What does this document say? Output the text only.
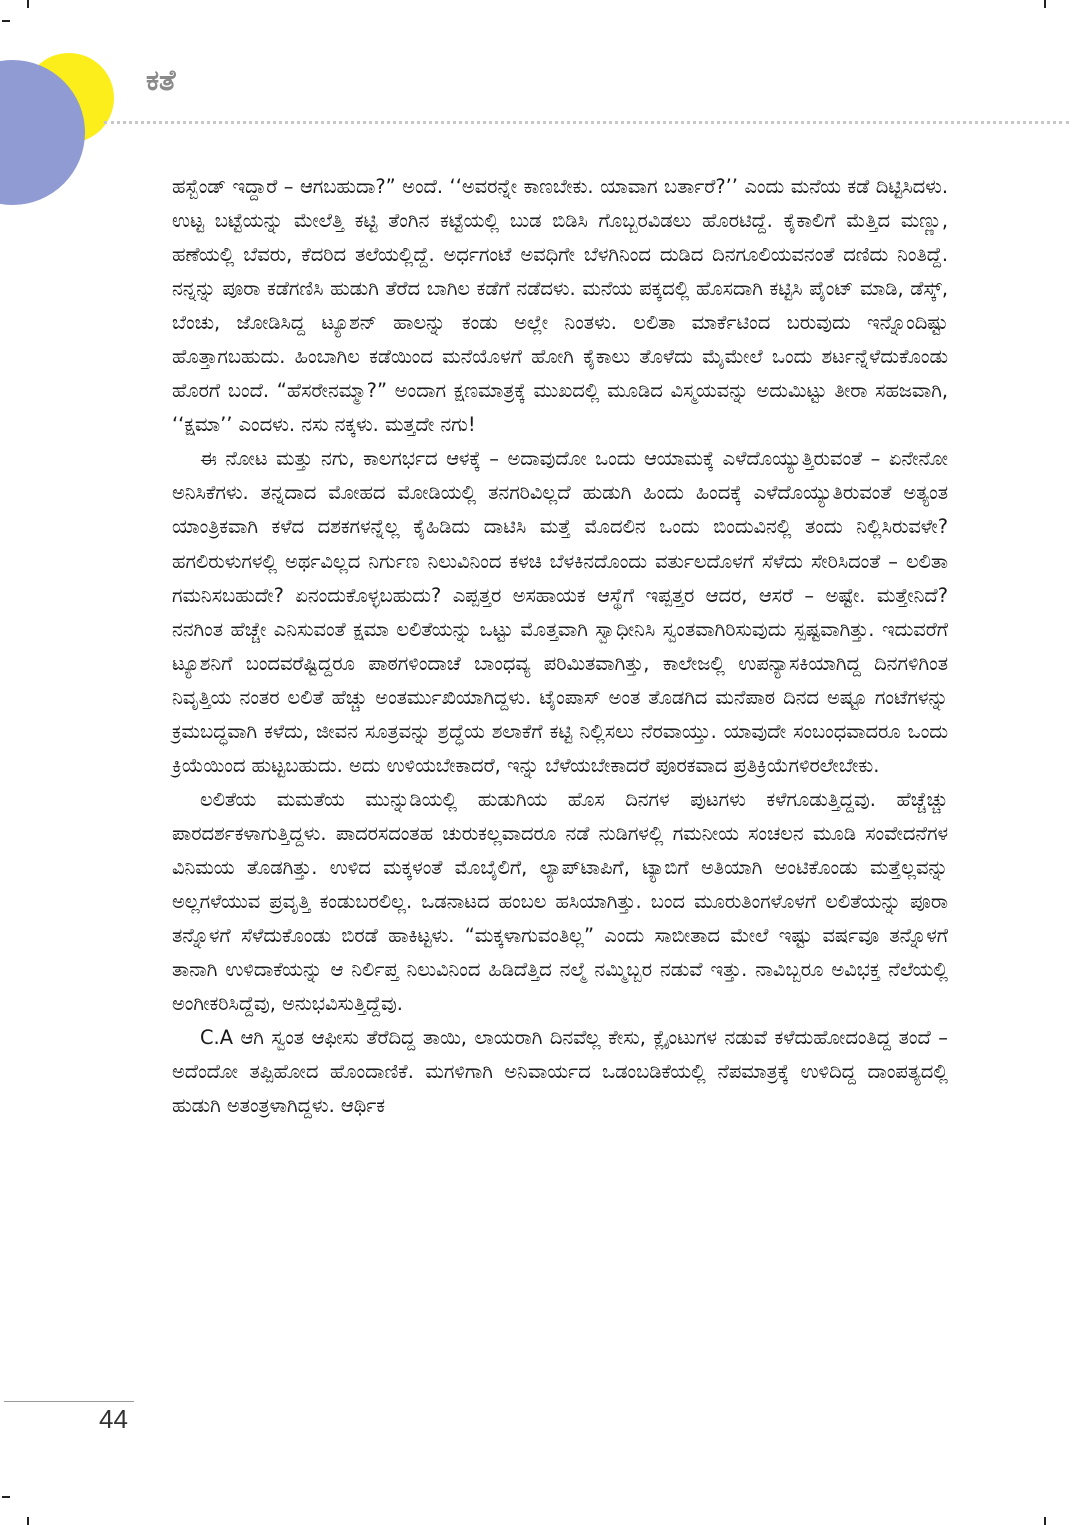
ಕತೆ

ಹಸ್ಬೆಂಡ್ ಇದ್ದಾರೆ – ಆಗಬಹುದಾ?” ಅಂದೆ. ‘‘ಅವರನ್ನೇ ಕಾಣಬೇಕು. ಯಾವಾಗ ಬರ್ತಾರೆ?’’ ಎಂದು ಮನೆಯ ಕಡೆ ದಿಟ್ಟಿಸಿದಳು. ಉಟ್ಟ ಬಟ್ಟೆಯನ್ನು ಮೇಲೆತ್ತಿ ಕಟ್ಟಿ ತೆಂಗಿನ ಕಟ್ಟೆಯಲ್ಲಿ ಬುಡ ಬಿಡಿಸಿ ಗೊಬ್ಬರವಿಡಲು ಹೊರಟಿದ್ದೆ. ಕೈಕಾಲಿಗೆ ಮೆತ್ತಿದ ಮಣ್ಣು, ಹಣೆಯಲ್ಲಿ ಬೆವರು, ಕೆದರಿದ ತಲೆಯಲ್ಲಿದ್ದೆ. ಅರ್ಧಗಂಟೆ ಅವಧಿಗೇ ಬೆಳಗಿನಿಂದ ದುಡಿದ ದಿನಗೂಲಿಯವನಂತೆ ದಣಿದು ನಿಂತಿದ್ದೆ. ನನ್ನನ್ನು ಪೂರಾ ಕಡೆಗಣಿಸಿ ಹುಡುಗಿ ತೆರೆದ ಬಾಗಿಲ ಕಡೆಗೆ ನಡೆದಳು. ಮನೆಯ ಪಕ್ಕದಲ್ಲಿ ಹೊಸದಾಗಿ ಕಟ್ಟಿಸಿ ಪೈಂಟ್ ಮಾಡಿ, ಡೆಸ್ಕ್, ಬೆಂಚು, ಜೋಡಿಸಿದ್ದ ಟ್ಯೂಶನ್ ಹಾಲನ್ನು ಕಂಡು ಅಲ್ಲೇ ನಿಂತಳು. ಲಲಿತಾ ಮಾರ್ಕೆಟಿಂದ ಬರುವುದು ಇನ್ನೊಂದಿಷ್ಟು ಹೊತ್ತಾಗಬಹುದು. ಹಿಂಬಾಗಿಲ ಕಡೆಯಿಂದ ಮನೆಯೊಳಗೆ ಹೋಗಿ ಕೈಕಾಲು ತೊಳೆದು ಮೈಮೇಲೆ ಒಂದು ಶರ್ಟನ್ನೆಳೆದುಕೊಂಡು ಹೊರಗೆ ಬಂದೆ. “ಹೆಸರೇನಮ್ಮಾ?” ಅಂದಾಗ ಕ್ಷಣಮಾತ್ರಕ್ಕೆ ಮುಖದಲ್ಲಿ ಮೂಡಿದ ವಿಸ್ಮಯವನ್ನು ಅದುಮಿಟ್ಟು ತೀರಾ ಸಹಜವಾಗಿ, ‘‘ಕ್ಷಮಾ’’ ಎಂದಳು. ನಸು ನಕ್ಕಳು. ಮತ್ತದೇ ನಗು!

ಈ ನೋಟ ಮತ್ತು ನಗು, ಕಾಲಗರ್ಭದ ಆಳಕ್ಕೆ – ಅದಾವುದೋ ಒಂದು ಆಯಾಮಕ್ಕೆ ಎಳೆದೊಯ್ಯುತ್ತಿರುವಂತೆ – ಏನೇನೋ ಅನಿಸಿಕೆಗಳು. ತನ್ನದಾದ ಮೋಹದ ಮೋಡಿಯಲ್ಲಿ ತನಗರಿವಿಲ್ಲದೆ ಹುಡುಗಿ ಹಿಂದು ಹಿಂದಕ್ಕೆ ಎಳೆದೊಯ್ಯುತಿರುವಂತೆ ಅತ್ಯಂತ ಯಾಂತ್ರಿಕವಾಗಿ ಕಳೆದ ದಶಕಗಳನ್ನೆಲ್ಲ ಕೈಹಿಡಿದು ದಾಟಿಸಿ ಮತ್ತೆ ಮೊದಲಿನ ಒಂದು ಬಿಂದುವಿನಲ್ಲಿ ತಂದು ನಿಲ್ಲಿಸಿರುವಳೇ? ಹಗಲಿರುಳುಗಳಲ್ಲಿ ಅರ್ಥವಿಲ್ಲದ ನಿರ್ಗುಣ ನಿಲುವಿನಿಂದ ಕಳಚಿ ಬೆಳಕಿನದೊಂದು ವರ್ತುಲದೊಳಗೆ ಸೆಳೆದು ಸೇರಿಸಿದಂತೆ – ಲಲಿತಾ ಗಮನಿಸಬಹುದೇ? ಏನಂದುಕೊಳ್ಳಬಹುದು? ಎಪ್ಪತ್ತರ ಅಸಹಾಯಕ ಆಸ್ಥೆಗೆ ಇಪ್ಪತ್ತರ ಆದರ, ಆಸರೆ – ಅಷ್ಟೇ. ಮತ್ತೇನಿದೆ? ನನಗಿಂತ ಹೆಚ್ಚೇ ಎನಿಸುವಂತೆ ಕ್ಷಮಾ ಲಲಿತೆಯನ್ನು ಒಟ್ಟು ಮೊತ್ತವಾಗಿ ಸ್ವಾಧೀನಿಸಿ ಸ್ವಂತವಾಗಿರಿಸುವುದು ಸ್ಪಷ್ಟವಾಗಿತ್ತು. ಇದುವರೆಗೆ ಟ್ಯೂಶನಿಗೆ ಬಂದವರೆಷ್ಟಿದ್ದರೂ ಪಾಠಗಳಿಂದಾಚೆ ಬಾಂಧವ್ಯ ಪರಿಮಿತವಾಗಿತ್ತು, ಕಾಲೇಜಲ್ಲಿ ಉಪನ್ಯಾಸಕಿಯಾಗಿದ್ದ ದಿನಗಳಿಗಿಂತ ನಿವೃತ್ತಿಯ ನಂತರ ಲಲಿತೆ ಹೆಚ್ಚು ಅಂತರ್ಮುಖಿಯಾಗಿದ್ದಳು. ಟೈಂಪಾಸ್ ಅಂತ ತೊಡಗಿದ ಮನೆಪಾಠ ದಿನದ ಅಷ್ಟೂ ಗಂಟೆಗಳನ್ನು ಕ್ರಮಬದ್ಧವಾಗಿ ಕಳೆದು, ಜೀವನ ಸೂತ್ರವನ್ನು ಶ್ರದ್ಧೆಯ ಶಲಾಕೆಗೆ ಕಟ್ಟಿ ನಿಲ್ಲಿಸಲು ನೆರವಾಯ್ತು. ಯಾವುದೇ ಸಂಬಂಧವಾದರೂ ಒಂದು ಕ್ರಿಯೆಯಿಂದ ಹುಟ್ಟಬಹುದು. ಅದು ಉಳಿಯಬೇಕಾದರೆ, ಇನ್ನು ಬೆಳೆಯಬೇಕಾದರೆ ಪೂರಕವಾದ ಪ್ರತಿಕ್ರಿಯೆಗಳಿರಲೇಬೇಕು.

ಲಲಿತೆಯ ಮಮತೆಯ ಮುನ್ನುಡಿಯಲ್ಲಿ ಹುಡುಗಿಯ ಹೊಸ ದಿನಗಳ ಪುಟಗಳು ಕಳೆಗೂಡುತ್ತಿದ್ದವು. ಹೆಚ್ಚೆಚ್ಚು ಪಾರದರ್ಶಕಳಾಗುತ್ತಿದ್ದಳು. ಪಾದರಸದಂತಹ ಚುರುಕಲ್ಲವಾದರೂ ನಡೆ ನುಡಿಗಳಲ್ಲಿ ಗಮನೀಯ ಸಂಚಲನ ಮೂಡಿ ಸಂವೇದನೆಗಳ ವಿನಿಮಯ ತೊಡಗಿತ್ತು. ಉಳಿದ ಮಕ್ಕಳಂತೆ ಮೊಬೈಲಿಗೆ, ಲ್ಯಾಪ್‌ಟಾಪಿಗೆ, ಟ್ಯಾಬಿಗೆ ಅತಿಯಾಗಿ ಅಂಟಿಕೊಂಡು ಮತ್ತೆಲ್ಲವನ್ನು ಅಲ್ಲಗಳೆಯುವ ಪ್ರವೃತ್ತಿ ಕಂಡುಬರಲಿಲ್ಲ. ಒಡನಾಟದ ಹಂಬಲ ಹಸಿಯಾಗಿತ್ತು. ಬಂದ ಮೂರುತಿಂಗಳೊಳಗೆ ಲಲಿತೆಯನ್ನು ಪೂರಾ ತನ್ನೊಳಗೆ ಸೆಳೆದುಕೊಂಡು ಬಿರಡೆ ಹಾಕಿಟ್ಟಳು. “ಮಕ್ಕಳಾಗುವಂತಿಲ್ಲ” ಎಂದು ಸಾಬೀತಾದ ಮೇಲೆ ಇಷ್ಟು ವರ್ಷವೂ ತನ್ನೊಳಗೆ ತಾನಾಗಿ ಉಳಿದಾಕೆಯನ್ನು ಆ ನಿರ್ಲಿಪ್ತ ನಿಲುವಿನಿಂದ ಹಿಡಿದೆತ್ತಿದ ನಲ್ಮೆ ನಮ್ಮಿಬ್ಬರ ನಡುವೆ ಇತ್ತು. ನಾವಿಬ್ಬರೂ ಅವಿಭಕ್ತ ನೆಲೆಯಲ್ಲಿ ಅಂಗೀಕರಿಸಿದ್ದೆವು, ಅನುಭವಿಸುತ್ತಿದ್ದೆವು.

C.A ಆಗಿ ಸ್ವಂತ ಆಫೀಸು ತೆರೆದಿದ್ದ ತಾಯಿ, ಲಾಯರಾಗಿ ದಿನವೆಲ್ಲ ಕೇಸು, ಕ್ಲೈಂಟುಗಳ ನಡುವೆ ಕಳೆದುಹೋದಂತಿದ್ದ ತಂದೆ – ಅದೆಂದೋ ತಪ್ಪಿಹೋದ ಹೊಂದಾಣಿಕೆ. ಮಗಳಿಗಾಗಿ ಅನಿವಾರ್ಯದ ಒಡಂಬಡಿಕೆಯಲ್ಲಿ ನೆಪಮಾತ್ರಕ್ಕೆ ಉಳಿದಿದ್ದ ದಾಂಪತ್ಯದಲ್ಲಿ ಹುಡುಗಿ ಅತಂತ್ರಳಾಗಿದ್ದಳು. ಆರ್ಥಿಕ

44
